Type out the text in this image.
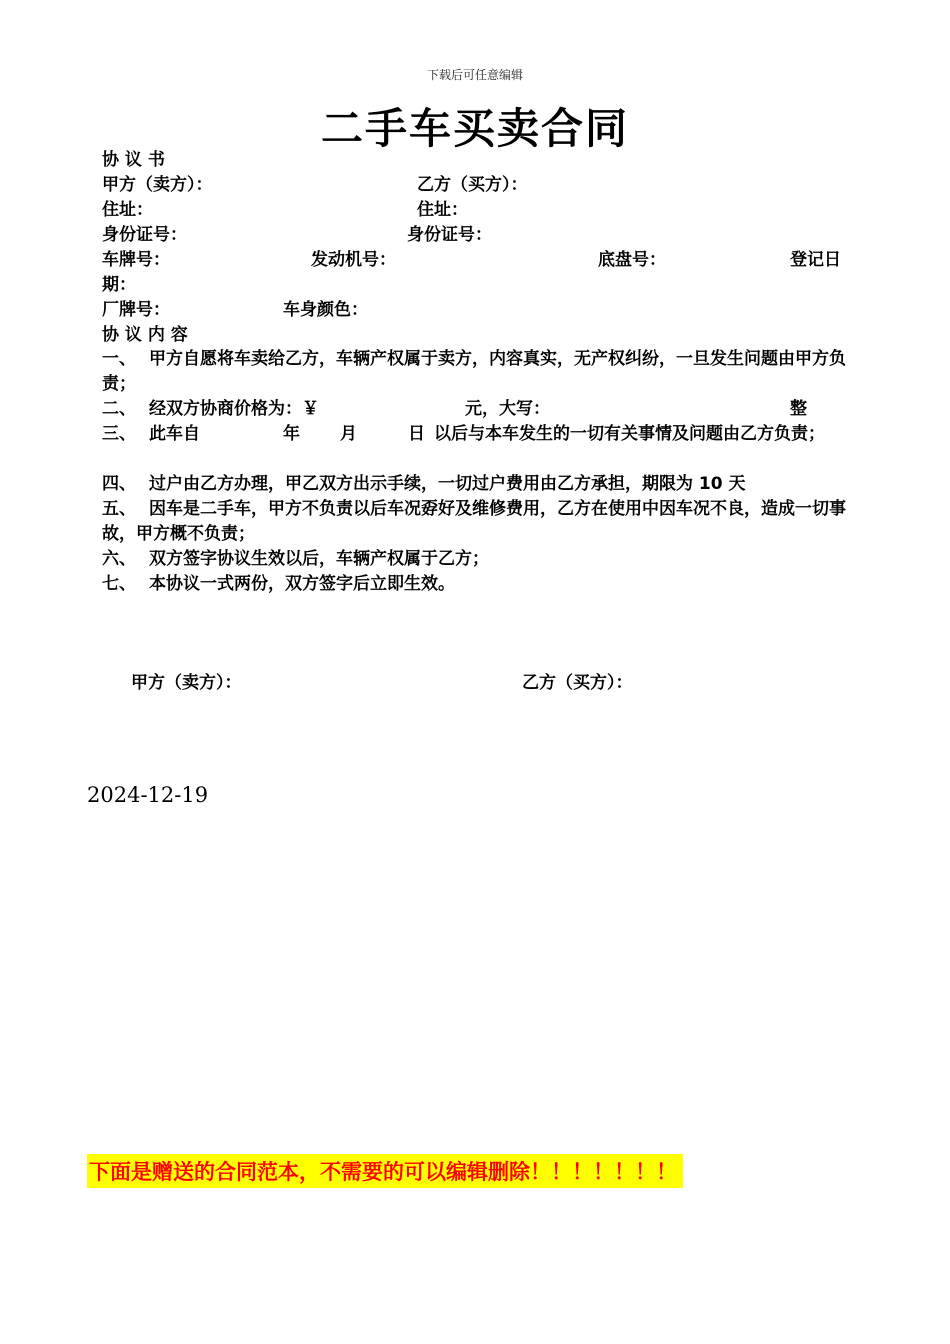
下载后可任意编辑
二手车买卖合同
协 议 书
甲方（卖方）：	乙方（买方）：
住址：	住址：
身份证号：	身份证号：
车牌号：	发动机号：	底盘号：	登记日
期：
厂牌号：	车身颜色：
协 议 内 容
一、 甲方自愿将车卖给乙方，车辆产权属于卖方，内容真实，无产权纠纷，一旦发生问题由甲方负责；
二、 经双方协商价格为：￥	元，大写：	整
三、 此车自	年 月	日 以后与本车发生的一切有关事情及问题由乙方负责；
四、 过户由乙方办理，甲乙双方出示手续，一切过户费用由乙方承担，期限为 10 天
五、 因车是二手车，甲方不负责以后车况孬好及维修费用，乙方在使用中因车况不良，造成一切事故，甲方概不负责；
六、 双方签字协议生效以后，车辆产权属于乙方；
七、 本协议一式两份，双方签字后立即生效。
甲方（卖方）：	乙方（买方）：
2024-12-19
下面是赠送的合同范本，不需要的可以编辑删除！！！！！！！
